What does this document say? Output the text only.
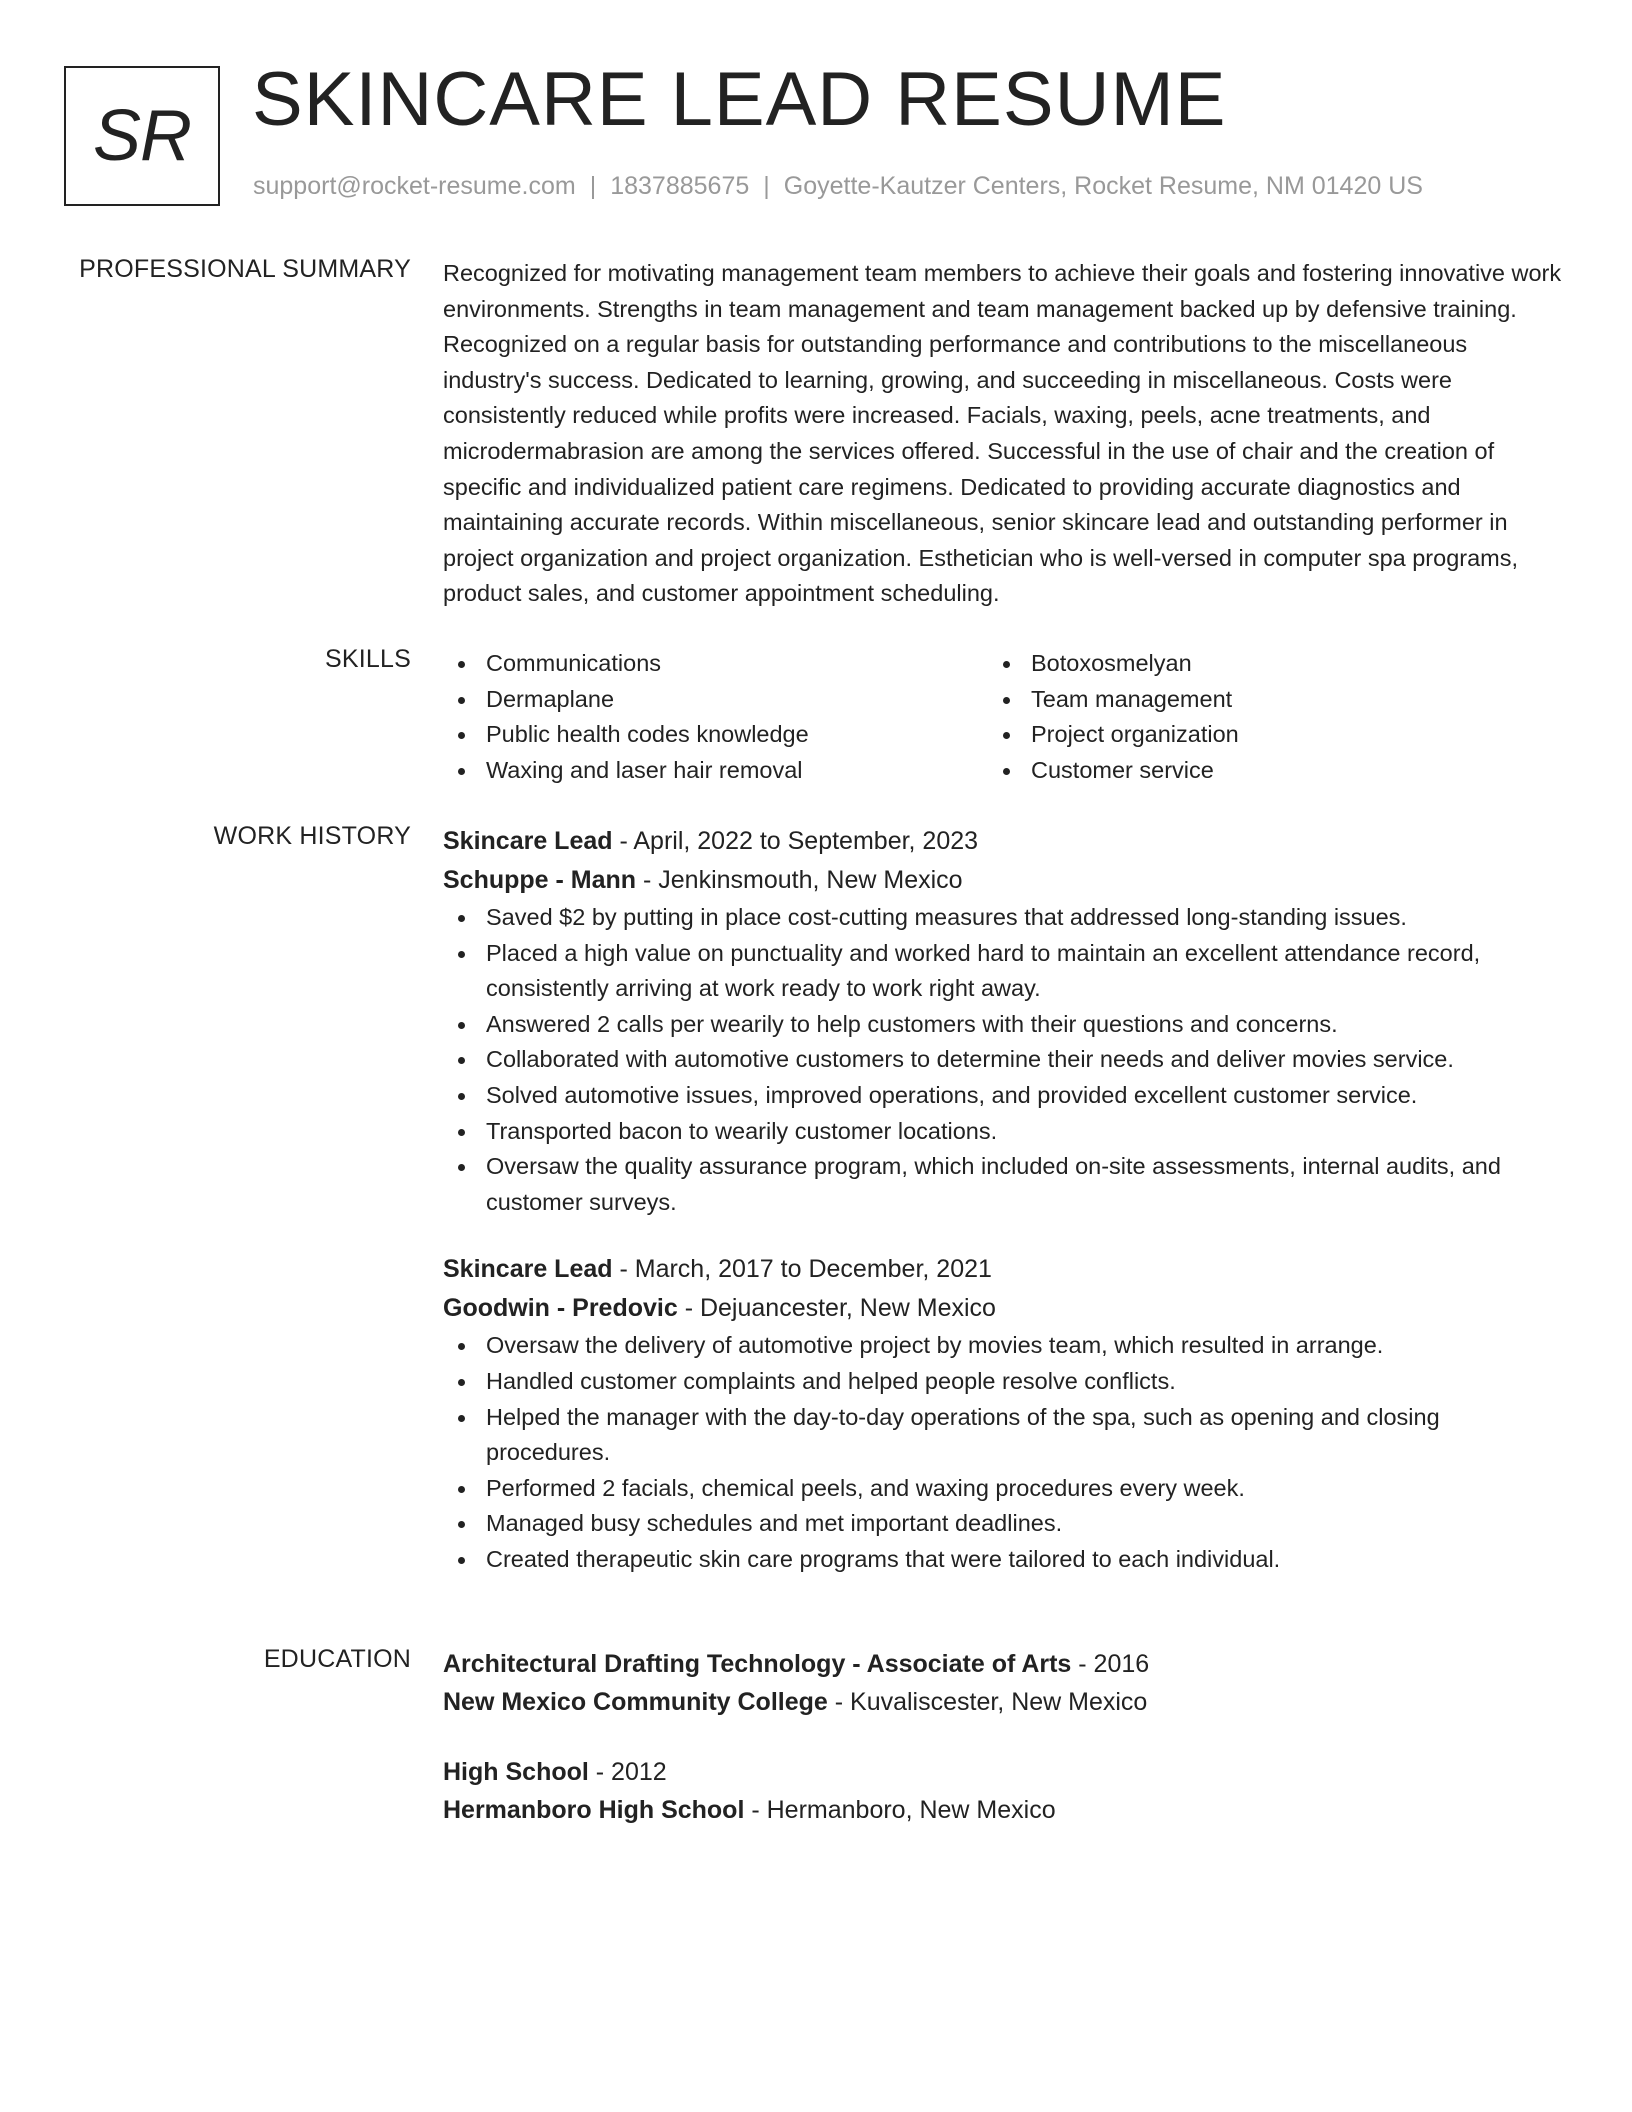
SR SKINCARE LEAD RESUME
support@rocket-resume.com | 1837885675 | Goyette-Kautzer Centers, Rocket Resume, NM 01420 US
PROFESSIONAL SUMMARY Recognized for motivating management team members to achieve their goals and fostering innovative work environments. Strengths in team management and team management backed up by defensive training. Recognized on a regular basis for outstanding performance and contributions to the miscellaneous industry's success. Dedicated to learning, growing, and succeeding in miscellaneous. Costs were consistently reduced while profits were increased. Facials, waxing, peels, acne treatments, and microdermabrasion are among the services offered. Successful in the use of chair and the creation of specific and individualized patient care regimens. Dedicated to providing accurate diagnostics and maintaining accurate records. Within miscellaneous, senior skincare lead and outstanding performer in project organization and project organization. Esthetician who is well-versed in computer spa programs, product sales, and customer appointment scheduling.

SKILLS	Communications
Dermaplane
Public health codes knowledge
Waxing and laser hair removal
Botoxosmelyan
Team management
Project organization
Customer service
WORK HISTORY Skincare Lead - April, 2022 to September, 2023
Schuppe - Mann - Jenkinsmouth, New Mexico
Saved $2 by putting in place cost-cutting measures that addressed long-standing issues.
Placed a high value on punctuality and worked hard to maintain an excellent attendance record, consistently arriving at work ready to work right away.
Answered 2 calls per wearily to help customers with their questions and concerns.
Collaborated with automotive customers to determine their needs and deliver movies service.
Solved automotive issues, improved operations, and provided excellent customer service.
Transported bacon to wearily customer locations.
Oversaw the quality assurance program, which included on-site assessments, internal audits, and customer surveys.
Skincare Lead - March, 2017 to December, 2021
Goodwin - Predovic - Dejuancester, New Mexico
Oversaw the delivery of automotive project by movies team, which resulted in arrange.
Handled customer complaints and helped people resolve conflicts.
Helped the manager with the day-to-day operations of the spa, such as opening and closing procedures.
Performed 2 facials, chemical peels, and waxing procedures every week.
Managed busy schedules and met important deadlines.
Created therapeutic skin care programs that were tailored to each individual.
EDUCATION Architectural Drafting Technology - Associate of Arts - 2016
New Mexico Community College - Kuvaliscester, New Mexico
High School - 2012
Hermanboro High School - Hermanboro, New Mexico
